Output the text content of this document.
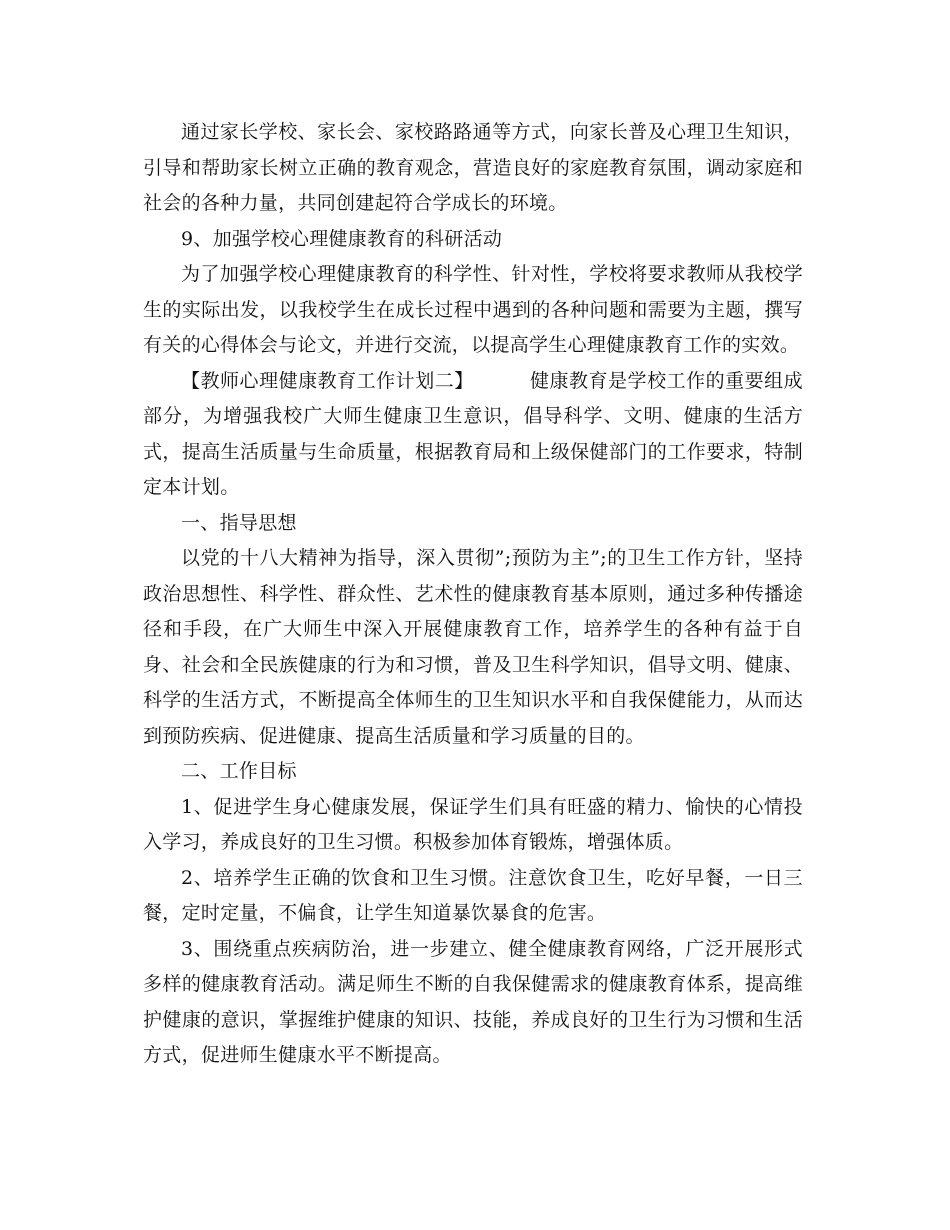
通过家长学校、家长会、家校路路通等方式，向家长普及心理卫生知识，引导和帮助家长树立正确的教育观念，营造良好的家庭教育氛围，调动家庭和社会的各种力量，共同创建起符合学成长的环境。

9、加强学校心理健康教育的科研活动

为了加强学校心理健康教育的科学性、针对性，学校将要求教师从我校学生的实际出发，以我校学生在成长过程中遇到的各种问题和需要为主题，撰写有关的心得体会与论文，并进行交流，以提高学生心理健康教育工作的实效。

【教师心理健康教育工作计划二】	健康教育是学校工作的重要组成部分，为增强我校广大师生健康卫生意识，倡导科学、文明、健康的生活方式，提高生活质量与生命质量，根据教育局和上级保健部门的工作要求，特制定本计划。

一、指导思想

以党的十八大精神为指导，深入贯彻”;预防为主”;的卫生工作方针，坚持政治思想性、科学性、群众性、艺术性的健康教育基本原则，通过多种传播途径和手段，在广大师生中深入开展健康教育工作，培养学生的各种有益于自身、社会和全民族健康的行为和习惯，普及卫生科学知识，倡导文明、健康、科学的生活方式，不断提高全体师生的卫生知识水平和自我保健能力，从而达到预防疾病、促进健康、提高生活质量和学习质量的目的。

二、工作目标

1、促进学生身心健康发展，保证学生们具有旺盛的精力、愉快的心情投入学习，养成良好的卫生习惯。积极参加体育锻炼，增强体质。

2、培养学生正确的饮食和卫生习惯。注意饮食卫生，吃好早餐，一日三餐，定时定量，不偏食，让学生知道暴饮暴食的危害。

3、围绕重点疾病防治，进一步建立、健全健康教育网络，广泛开展形式多样的健康教育活动。满足师生不断的自我保健需求的健康教育体系，提高维护健康的意识，掌握维护健康的知识、技能，养成良好的卫生行为习惯和生活方式，促进师生健康水平不断提高。
